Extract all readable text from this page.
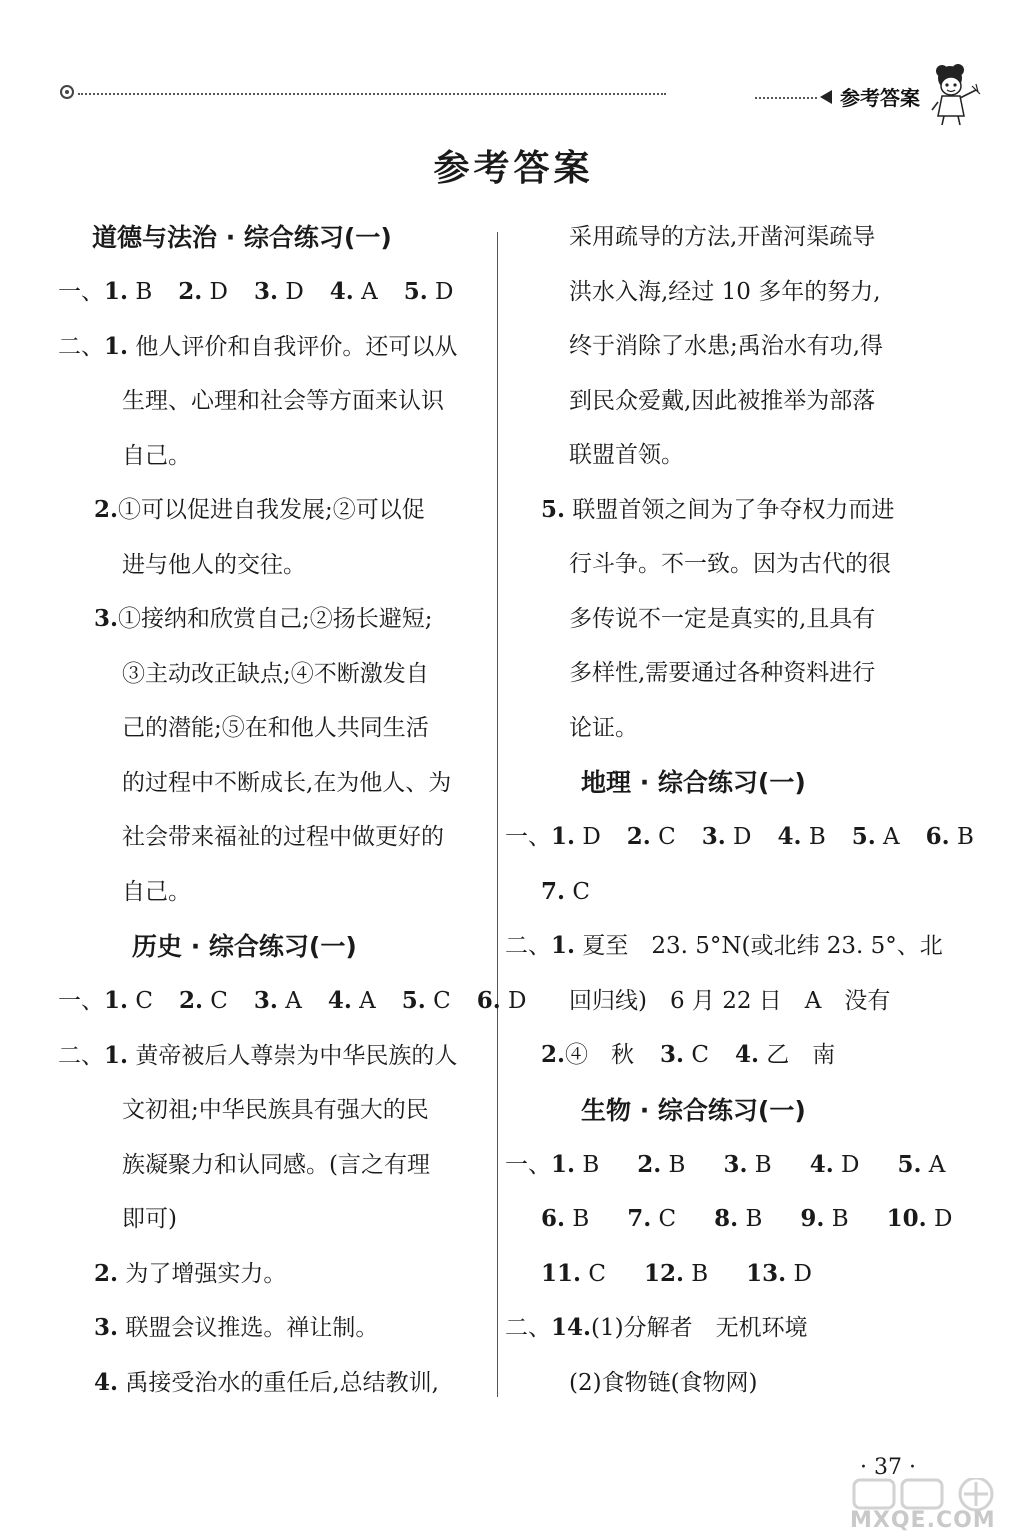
参考答案
参考答案
道德与法治 · 综合练习(一)
一、1. B 2. D 3. D 4. A 5. D
二、1. 他人评价和自我评价。还可以从
生理、心理和社会等方面来认识
自己。
2.①可以促进自我发展;②可以促
进与他人的交往。
3.①接纳和欣赏自己;②扬长避短;
③主动改正缺点;④不断激发自
己的潜能;⑤在和他人共同生活
的过程中不断成长,在为他人、为
社会带来福祉的过程中做更好的
自己。
历史 · 综合练习(一)
一、1. C 2. C 3. A 4. A 5. C 6. D
二、1. 黄帝被后人尊崇为中华民族的人
文初祖;中华民族具有强大的民
族凝聚力和认同感。(言之有理
即可)
2. 为了增强实力。
3. 联盟会议推选。禅让制。
4. 禹接受治水的重任后,总结教训,
采用疏导的方法,开凿河渠疏导
洪水入海,经过 10 多年的努力,
终于消除了水患;禹治水有功,得
到民众爱戴,因此被推举为部落
联盟首领。
5. 联盟首领之间为了争夺权力而进
行斗争。不一致。因为古代的很
多传说不一定是真实的,且具有
多样性,需要通过各种资料进行
论证。
地理 · 综合练习(一)
一、1. D 2. C 3. D 4. B 5. A 6. B
7. C
二、1. 夏至　23. 5°N(或北纬 23. 5°、北
回归线)　6 月 22 日　A　没有
2.④　秋 3. C 4. 乙　南
生物 · 综合练习(一)
一、1. B 2. B 3. B 4. D 5. A
6. B 7. C 8. B 9. B 10. D
11. C 12. B 13. D
二、14.(1)分解者　无机环境
(2)食物链(食物网)
· 37 ·
MXQE.COM
